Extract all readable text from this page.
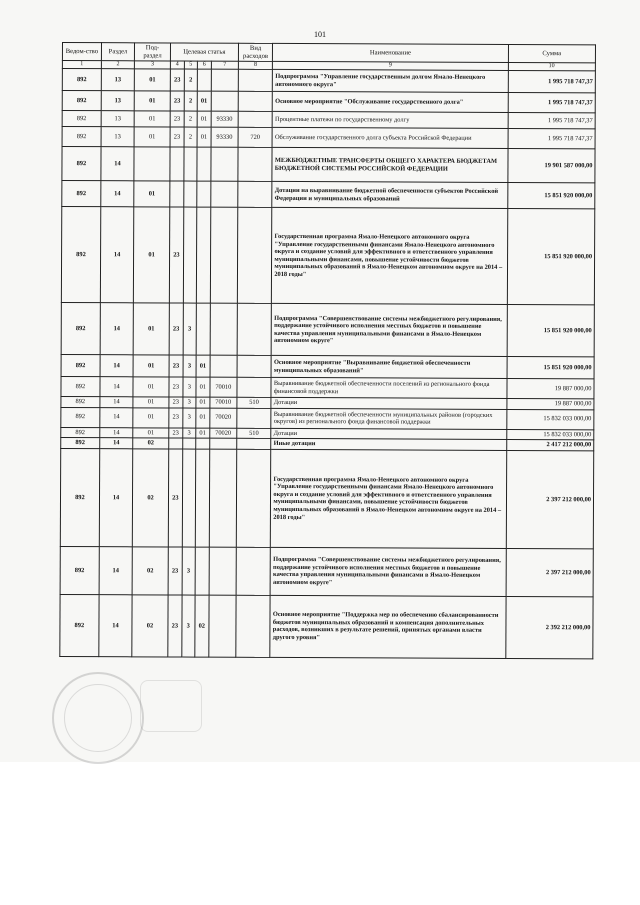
101
Ведом-ство	Раздел	Под-раздел	Целевая статья				Вид расходов	Наименование	Сумма
1	2	3	4	5	6	7	8	9	10
892	13	01	23	2				Подпрограмма "Управление государственным долгом Ямало-Ненецкого автономного округа"	1 995 718 747,37
892	13	01	23	2	01			Основное мероприятие "Обслуживание государственного долга"	1 995 718 747,37
892	13	01	23	2	01	93330		Процентные платежи по государственному долгу	1 995 718 747,37
892	13	01	23	2	01	93330	720	Обслуживание государственного долга субъекта Российской Федерации	1 995 718 747,37
892	14							МЕЖБЮДЖЕТНЫЕ ТРАНСФЕРТЫ ОБЩЕГО ХАРАКТЕРА БЮДЖЕТАМ БЮДЖЕТНОЙ СИСТЕМЫ РОССИЙСКОЙ ФЕДЕРАЦИИ	19 901 587 000,00
892	14	01						Дотации на выравнивание бюджетной обеспеченности субъектов Российской Федерации и муниципальных образований	15 851 920 000,00
892	14	01	23					Государственная программа Ямало-Ненецкого автономного округа "Управление государственными финансами Ямало-Ненецкого автономного округа и создание условий для эффективного и ответственного управления муниципальными финансами, повышение устойчивости бюджетов муниципальных образований в Ямало-Ненецком автономном округе на 2014 – 2018 годы"	15 851 920 000,00
892	14	01	23	3				Подпрограмма "Совершенствование системы межбюджетного регулирования, поддержание устойчивого исполнения местных бюджетов и повышение качества управления муниципальными финансами в Ямало-Ненецком автономном округе"	15 851 920 000,00
892	14	01	23	3	01			Основное мероприятие "Выравнивание бюджетной обеспеченности муниципальных образований"	15 851 920 000,00
892	14	01	23	3	01	70010		Выравнивание бюджетной обеспеченности поселений из регионального фонда финансовой поддержки	19 887 000,00
892	14	01	23	3	01	70010	510	Дотации	19 887 000,00
892	14	01	23	3	01	70020		Выравнивание бюджетной обеспеченности муниципальных районов (городских округов) из регионального фонда финансовой поддержки	15 832 033 000,00
892	14	01	23	3	01	70020	510	Дотации	15 832 033 000,00
892	14	02						Иные дотации	2 417 212 000,00
892	14	02	23					Государственная программа Ямало-Ненецкого автономного округа "Управление государственными финансами Ямало-Ненецкого автономного округа и создание условий для эффективного и ответственного управления муниципальными финансами, повышение устойчивости бюджетов муниципальных образований в Ямало-Ненецком автономном округе на 2014 – 2018 годы"	2 397 212 000,00
892	14	02	23	3				Подпрограмма "Совершенствование системы межбюджетного регулирования, поддержание устойчивого исполнения местных бюджетов и повышение качества управления муниципальными финансами в Ямало-Ненецком автономном округе"	2 397 212 000,00
892	14	02	23	3	02			Основное мероприятие "Поддержка мер по обеспечению сбалансированности бюджетов муниципальных образований и компенсация дополнительных расходов, возникших в результате решений, принятых органами власти другого уровня"	2 392 212 000,00
